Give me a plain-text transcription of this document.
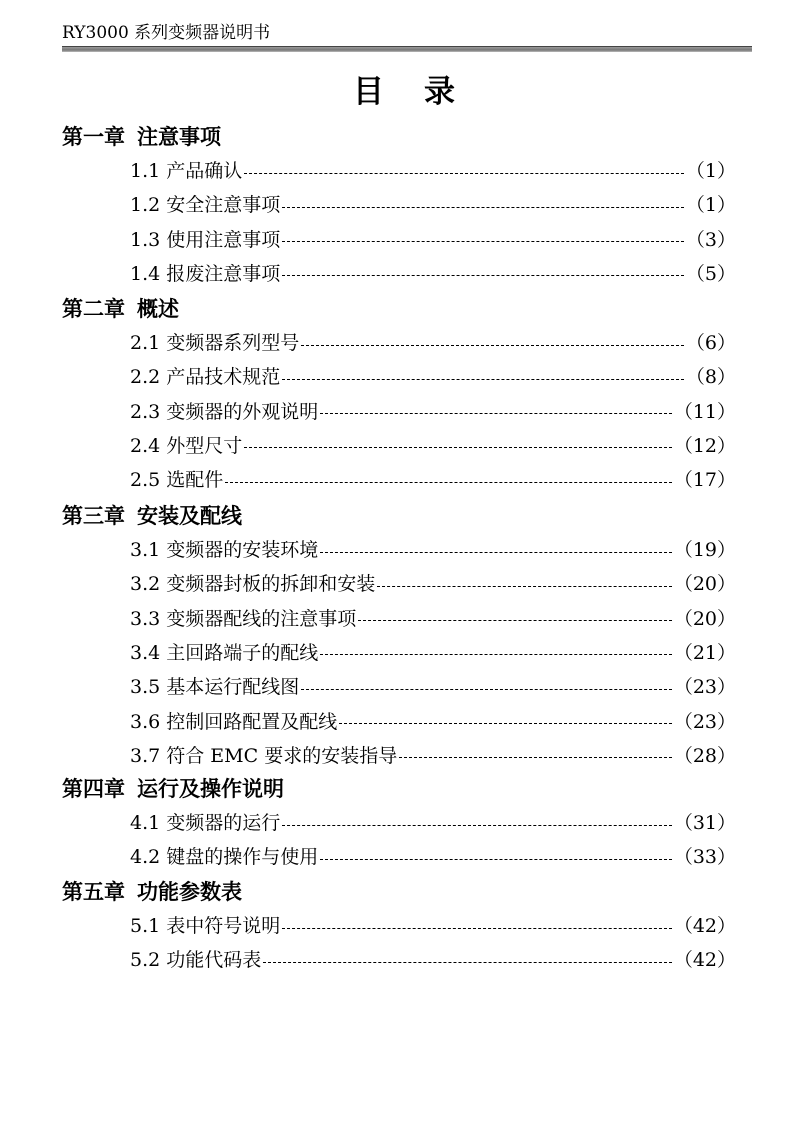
RY3000 系列变频器说明书
目 录
第一章 注意事项
1.1 产品确认	（1）
1.2 安全注意事项	（1）
1.3 使用注意事项	（3）
1.4 报废注意事项	（5）
第二章 概述
2.1 变频器系列型号	（6）
2.2 产品技术规范	（8）
2.3 变频器的外观说明	（11）
2.4 外型尺寸	（12）
2.5 选配件	（17）
第三章 安装及配线
3.1 变频器的安装环境	（19）
3.2 变频器封板的拆卸和安装	（20）
3.3 变频器配线的注意事项	（20）
3.4 主回路端子的配线	（21）
3.5 基本运行配线图	（23）
3.6 控制回路配置及配线	（23）
3.7 符合 EMC 要求的安装指导	（28）
第四章 运行及操作说明
4.1 变频器的运行	（31）
4.2 键盘的操作与使用	（33）
第五章 功能参数表
5.1 表中符号说明	（42）
5.2 功能代码表	（42）
